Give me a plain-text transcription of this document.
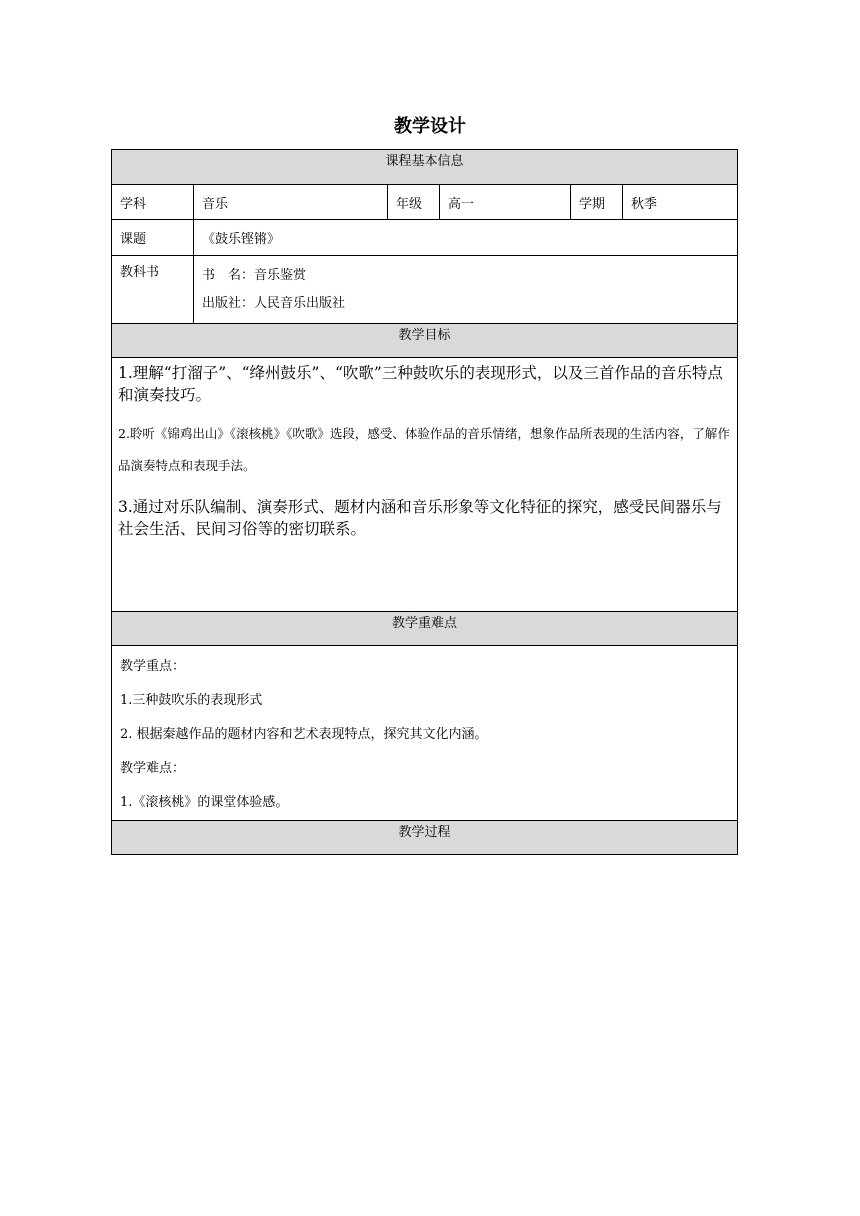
教学设计
课程基本信息					
学科	音乐	年级	高一	学期	秋季
课题	《鼓乐铿锵》				
教科书	书　名：音乐鉴赏
出版社：人民音乐出版社				

教学目标					

1.理解“打溜子”、“绛州鼓乐”、“吹歌”三种鼓吹乐的表现形式，以及三首作品的音乐特点和演奏技巧。

2.聆听《锦鸡出山》《滚核桃》《吹歌》选段，感受、体验作品的音乐情绪，想象作品所表现的生活内容，了解作品演奏特点和表现手法。

3.通过对乐队编制、演奏形式、题材内涵和音乐形象等文化特征的探究，感受民间器乐与社会生活、民间习俗等的密切联系。					

教学重难点					

教学重点：
1.三种鼓吹乐的表现形式
2. 根据秦越作品的题材内容和艺术表现特点，探究其文化内涵。
教学难点：
1.《滚核桃》的课堂体验感。					

教学过程					
